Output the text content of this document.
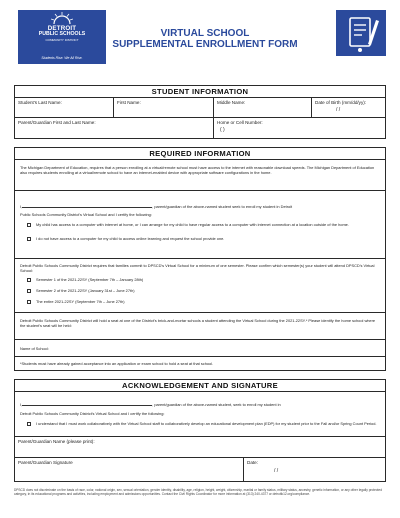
DETROIT
PUBLIC SCHOOLS
COMMUNITY DISTRICT
Students Rise. We All Rise.
VIRTUAL SCHOOL
SUPPLEMENTAL ENROLLMENT FORM
STUDENT INFORMATION
Student's Last Name:	First Name:	Middle Name:	Date of Birth (mm/dd/yy):
/ /
Parent/Guardian First and Last Name:	Home or Cell Number:
( )
REQUIRED INFORMATION
The Michigan Department of Education, requires that a person enrolling at a virtual/remote school must have access to the internet with reasonable download speeds. The Michigan Department of Education also requires students enrolling at a virtual/remote school to have an internet-enabled device with appropriate software configurations in the home.
I,	, parent/guardian of the above-named student seek to enroll my student in Detroit
Public Schools Community District's Virtual School and I certify the following:
My child has access to a computer with internet at home, or I can arrange for my child to have regular access to a computer with internet connection at a location outside of the home.
I do not have access to a computer for my child to access online learning and request the school provide one.
Detroit Public Schools Community District requires that families commit to DPSCD's Virtual School for a minimum of one semester. Please confirm which semester(s) your student will attend DPSCD's Virtual School:
Semester 1 of the 2021-22SY (September 7th – January 28th)
Semester 2 of the 2021-22SY (January 31st – June 27th)
The entire 2021-22SY (September 7th – June 27th)
Detroit Public Schools Community District will hold a seat at one of the District's brick-and-mortar schools a student attending the Virtual School during the 2021-22SY.* Please identify the home school where the student's seat will be held:
Name of School:
*Students must have already gained acceptance into an application or exam school to hold a seat at that school.
ACKNOWLEDGEMENT AND SIGNATURE
I,	, parent/guardian of the above-named student, seek to enroll my student in
Detroit Public Schools Community District's Virtual School and I certify the following:
I understand that I must work collaboratively with the Virtual School staff to collaboratively develop an educational development plan (EDP) for my student prior to the Fall and/or Spring Count Period.
Parent/Guardian Name (please print):
Parent/Guardian Signature	Date:
/ /
DPSCD does not discriminate on the basis of race, color, national origin, sex, sexual orientation, gender identity, disability, age, religion, height, weight, citizenship, marital or family status, military status, ancestry, genetic information, or any other legally protected category, in its educational programs and activities, including employment and admissions opportunities. Contact the Civil Rights Coordinator for more information at (313) 240-4377 or detroitk12.org/compliance.
